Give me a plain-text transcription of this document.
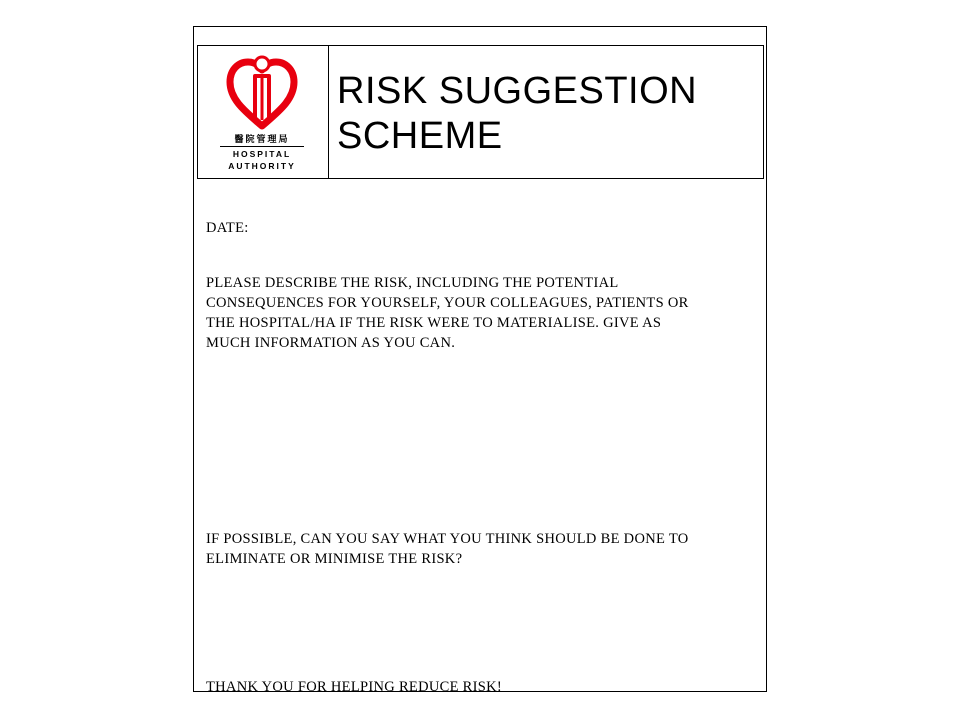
醫院管理局
HOSPITAL
AUTHORITY
RISK SUGGESTION
SCHEME
DATE:
PLEASE DESCRIBE THE RISK, INCLUDING THE POTENTIAL
CONSEQUENCES FOR YOURSELF, YOUR COLLEAGUES, PATIENTS OR
THE HOSPITAL/HA IF THE RISK WERE TO MATERIALISE. GIVE AS
MUCH INFORMATION AS YOU CAN.
IF POSSIBLE, CAN YOU SAY WHAT YOU THINK SHOULD BE DONE TO
ELIMINATE OR MINIMISE THE RISK?
THANK YOU FOR HELPING REDUCE RISK!
